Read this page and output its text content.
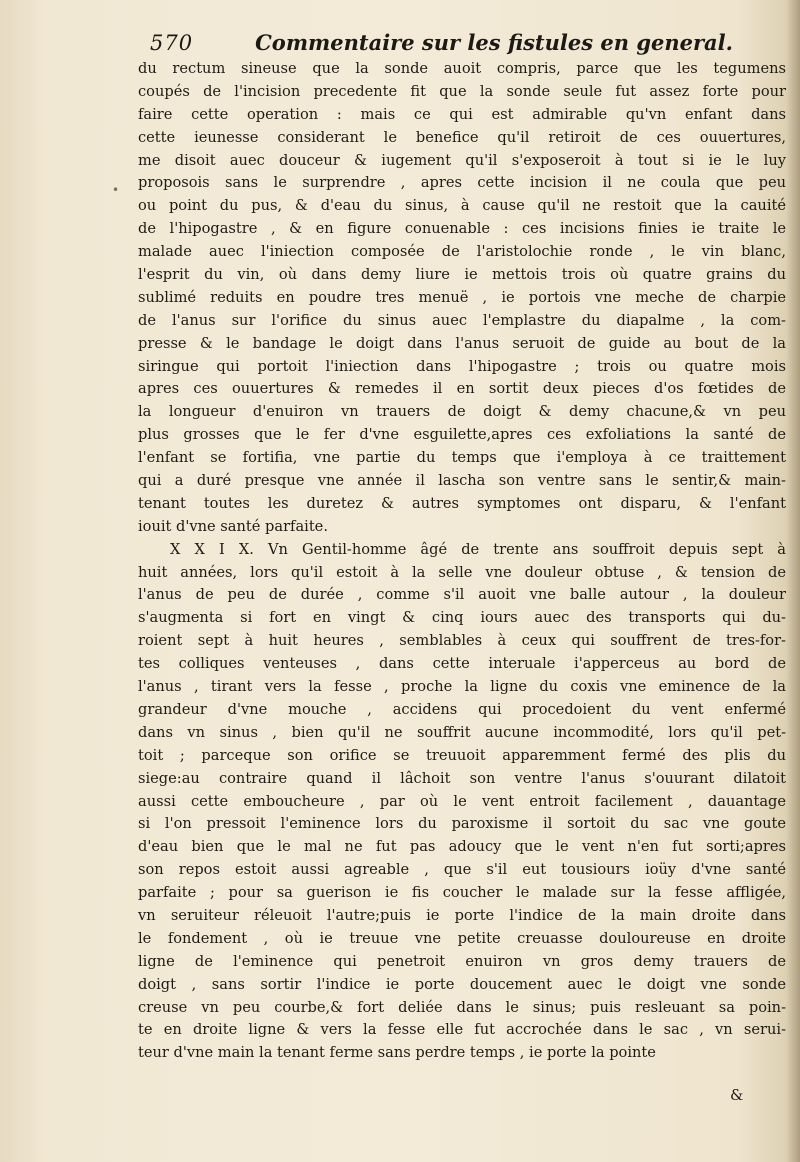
570	Commentaire sur les fistules en general.
du rectum sineuse que la sonde auoit compris, parce que les tegumens
coupés de l'incision precedente fit que la sonde seule fut assez forte pour
faire cette operation : mais ce qui est admirable qu'vn enfant dans
cette ieunesse considerant le benefice qu'il retiroit de ces ouuertures,
me disoit auec douceur & iugement qu'il s'exposeroit à tout si ie le luy
proposois sans le surprendre , apres cette incision il ne coula que peu
ou point du pus, & d'eau du sinus, à cause qu'il ne restoit que la cauité
de l'hipogastre , & en figure conuenable : ces incisions finies ie traite le
malade auec l'iniection composée de l'aristolochie ronde , le vin blanc,
l'esprit du vin, où dans demy liure ie mettois trois où quatre grains du
sublimé reduits en poudre tres menuë , ie portois vne meche de charpie
de l'anus sur l'orifice du sinus auec l'emplastre du diapalme , la com-
presse & le bandage le doigt dans l'anus seruoit de guide au bout de la
siringue qui portoit l'iniection dans l'hipogastre ; trois ou quatre mois
apres ces ouuertures & remedes il en sortit deux pieces d'os fœtides de
la longueur d'enuiron vn trauers de doigt & demy chacune,& vn peu
plus grosses que le fer d'vne esguilette,apres ces exfoliations la santé de
l'enfant se fortifia, vne partie du temps que i'employa à ce traittement
qui a duré presque vne année il laschа son ventre sans le sentir,& main-
tenant toutes les duretez & autres symptomes ont disparu, & l'enfant
iouit d'vne santé parfaite.
X X I X. Vn Gentil-homme âgé de trente ans souffroit depuis sept à
huit années, lors qu'il estoit à la selle vne douleur obtuse , & tension de
l'anus de peu de durée , comme s'il auoit vne balle autour , la douleur
s'augmenta si fort en vingt & cinq iours auec des transports qui du-
roient sept à huit heures , semblables à ceux qui souffrent de tres-for-
tes colliques venteuses , dans cette interuale i'apperceus au bord de
l'anus , tirant vers la fesse , proche la ligne du coxis vne eminence de la
grandeur d'vne mouche , accidens qui procedoient du vent enfermé
dans vn sinus , bien qu'il ne souffrit aucune incommodité, lors qu'il pet-
toit ; parceque son orifice se treuuoit apparemment fermé des plis du
siege:au contraire quand il lâchoit son ventre l'anus s'ouurant dilatoit
aussi cette emboucheure , par où le vent entroit facilement , dauantage
si l'on pressoit l'eminence lors du paroxisme il sortoit du sac vne goute
d'eau bien que le mal ne fut pas adoucy que le vent n'en fut sorti;apres
son repos estoit aussi agreable , que s'il eut tousiours ioüy d'vne santé
parfaite ; pour sa guerison ie fis coucher le malade sur la fesse affligée,
vn seruiteur réleuoit l'autre;puis ie porte l'indice de la main droite dans
le fondement , où ie treuue vne petite creuasse douloureuse en droite
ligne de l'eminence qui penetroit enuiron vn gros demy trauers de
doigt , sans sortir l'indice ie porte doucement auec le doigt vne sonde
creuse vn peu courbe,& fort deliée dans le sinus; puis resleuant sa poin-
te en droite ligne & vers la fesse elle fut accrochée dans le sac , vn serui-
teur d'vne main la tenant ferme sans perdre temps , ie porte la pointe
&
•
